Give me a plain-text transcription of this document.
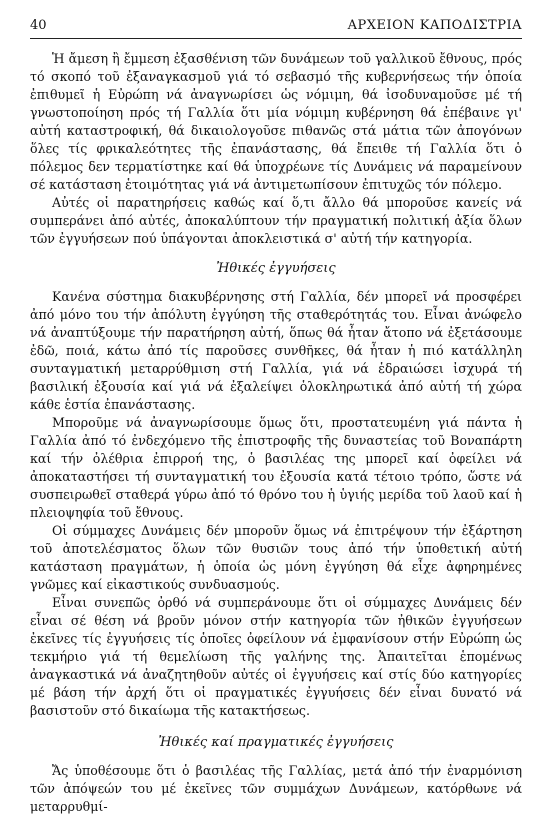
40	ΑΡΧΕΙΟΝ ΚΑΠΟΔΙΣΤΡΙΑ

Ἡ ἄμεση ἢ ἔμμεση ἐξασθένιση τῶν δυνάμεων τοῦ γαλλικοῦ ἔθνους, πρός τό σκοπό τοῦ ἐξαναγκασμοῦ γιά τό σεβασμό τῆς κυβερνήσεως τήν ὁποία ἐπιθυμεῖ ἡ Εὐρώπη νά ἀναγνωρίσει ὡς νόμιμη, θά ἰσοδυναμοῦσε μέ τή γνωστοποίηση πρός τή Γαλλία ὅτι μία νόμιμη κυβέρνηση θά ἐπέβαινε γι' αὐτή καταστροφική, θά δικαιολογοῦσε πιθανῶς στά μάτια τῶν ἀπογόνων ὅλες τίς φρικαλεότητες τῆς ἐπανάστασης, θά ἔπειθε τή Γαλλία ὅτι ὁ πόλεμος δεν τερματίστηκε καί θά ὑποχρέωνε τίς Δυνάμεις νά παραμείνουν σέ κατάσταση ἑτοιμότητας γιά νά ἀντιμετωπίσουν ἐπιτυχῶς τόν πόλεμο.

Αὐτές οἱ παρατηρήσεις καθώς καί ὅ,τι ἄλλο θά μποροῦσε κανείς νά συμπεράνει ἀπό αὐτές, ἀποκαλύπτουν τήν πραγματική πολιτική ἀξία ὅλων τῶν ἐγγυήσεων πού ὑπάγονται ἀποκλειστικά σ' αὐτή τήν κατηγορία.

Ἠθικές ἐγγυήσεις

Κανένα σύστημα διακυβέρνησης στή Γαλλία, δέν μπορεῖ νά προσφέρει ἀπό μόνο του τήν ἀπόλυτη ἐγγύηση τῆς σταθερότητάς του. Εἶναι ἀνώφελο νά ἀναπτύξουμε τήν παρατήρηση αὐτή, ὅπως θά ἦταν ἄτοπο νά ἐξετάσουμε ἐδῶ, ποιά, κάτω ἀπό τίς παροῦσες συνθῆκες, θά ἦταν ἡ πιό κατάλληλη συνταγματική μεταρρύθμιση στή Γαλλία, γιά νά ἑδραιώσει ἰσχυρά τή βασιλική ἐξουσία καί γιά νά ἐξαλείψει ὁλοκληρωτικά ἀπό αὐτή τή χώρα κάθε ἑστία ἐπανάστασης.

Μποροῦμε νά ἀναγνωρίσουμε ὅμως ὅτι, προστατευμένη γιά πάντα ἡ Γαλλία ἀπό τό ἐνδεχόμενο τῆς ἐπιστροφῆς τῆς δυναστείας τοῦ Βοναπάρτη καί τήν ὀλέθρια ἐπιρροή της, ὁ βασιλέας της μπορεῖ καί ὀφείλει νά ἀποκαταστήσει τή συνταγματική του ἐξουσία κατά τέτοιο τρόπο, ὥστε νά συσπειρωθεῖ σταθερά γύρω ἀπό τό θρόνο του ἡ ὑγιής μερίδα τοῦ λαοῦ καί ἡ πλειοψηφία τοῦ ἔθνους.

Οἱ σύμμαχες Δυνάμεις δέν μποροῦν ὅμως νά ἐπιτρέψουν τήν ἐξάρτηση τοῦ ἀποτελέσματος ὅλων τῶν θυσιῶν τους ἀπό τήν ὑποθετική αὐτή κατάσταση πραγμάτων, ἡ ὁποία ὡς μόνη ἐγγύηση θά εἶχε ἀφηρημένες γνῶμες καί εἰκαστικούς συνδυασμούς.

Εἶναι συνεπῶς ὀρθό νά συμπεράνουμε ὅτι οἱ σύμμαχες Δυνάμεις δέν εἶναι σέ θέση νά βροῦν μόνον στήν κατηγορία τῶν ἠθικῶν ἐγγυήσεων ἐκεῖνες τίς ἐγγυήσεις τίς ὁποῖες ὀφείλουν νά ἐμφανίσουν στήν Εὐρώπη ὡς τεκμήριο γιά τή θεμελίωση τῆς γαλήνης της. Ἀπαιτεῖται ἑπομένως ἀναγκαστικά νά ἀναζητηθοῦν αὐτές οἱ ἐγγυήσεις καί στίς δύο κατηγορίες μέ βάση τήν ἀρχή ὅτι οἱ πραγματικές ἐγγυήσεις δέν εἶναι δυνατό νά βασιστοῦν στό δικαίωμα τῆς κατακτήσεως.

Ἠθικές καί πραγματικές ἐγγυήσεις

Ἄς ὑποθέσουμε ὅτι ὁ βασιλέας τῆς Γαλλίας, μετά ἀπό τήν ἐναρμόνιση τῶν ἀπόψεών του μέ ἐκεῖνες τῶν συμμάχων Δυνάμεων, κατόρθωνε νά μεταρρυθμί-
